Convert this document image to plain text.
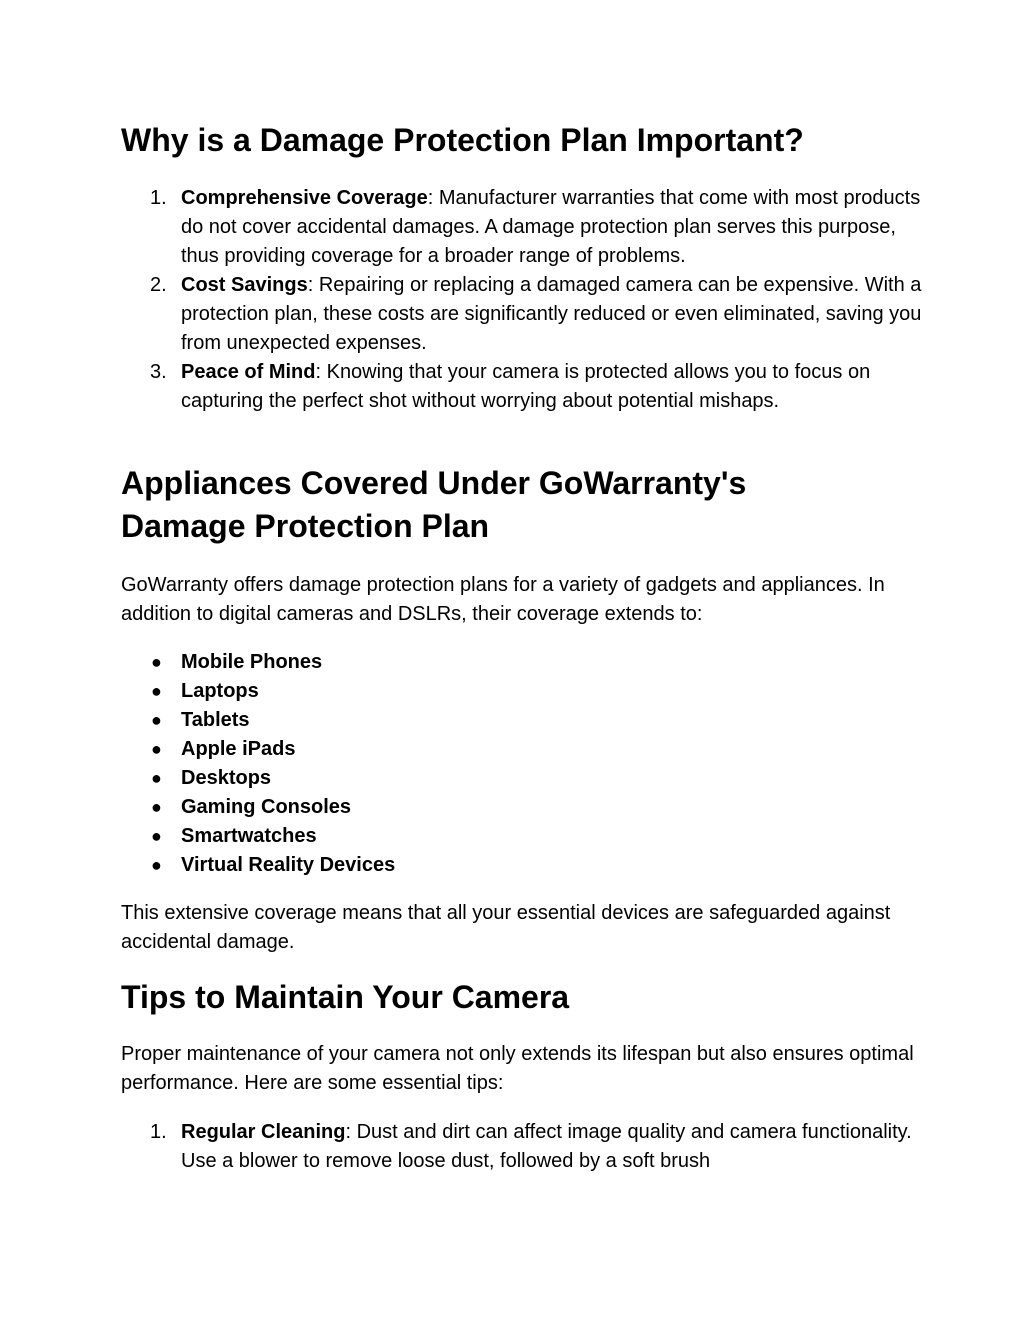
Why is a Damage Protection Plan Important?
1. Comprehensive Coverage: Manufacturer warranties that come with most products do not cover accidental damages. A damage protection plan serves this purpose, thus providing coverage for a broader range of problems.
2. Cost Savings: Repairing or replacing a damaged camera can be expensive. With a protection plan, these costs are significantly reduced or even eliminated, saving you from unexpected expenses.
3. Peace of Mind: Knowing that your camera is protected allows you to focus on capturing the perfect shot without worrying about potential mishaps.
Appliances Covered Under GoWarranty's
Damage Protection Plan

GoWarranty offers damage protection plans for a variety of gadgets and appliances. In addition to digital cameras and DSLRs, their coverage extends to:

● Mobile Phones
● Laptops
● Tablets
● Apple iPads
● Desktops
● Gaming Consoles
● Smartwatches
● Virtual Reality Devices

This extensive coverage means that all your essential devices are safeguarded against accidental damage.

Tips to Maintain Your Camera

Proper maintenance of your camera not only extends its lifespan but also ensures optimal performance. Here are some essential tips:

1. Regular Cleaning: Dust and dirt can affect image quality and camera functionality. Use a blower to remove loose dust, followed by a soft brush
